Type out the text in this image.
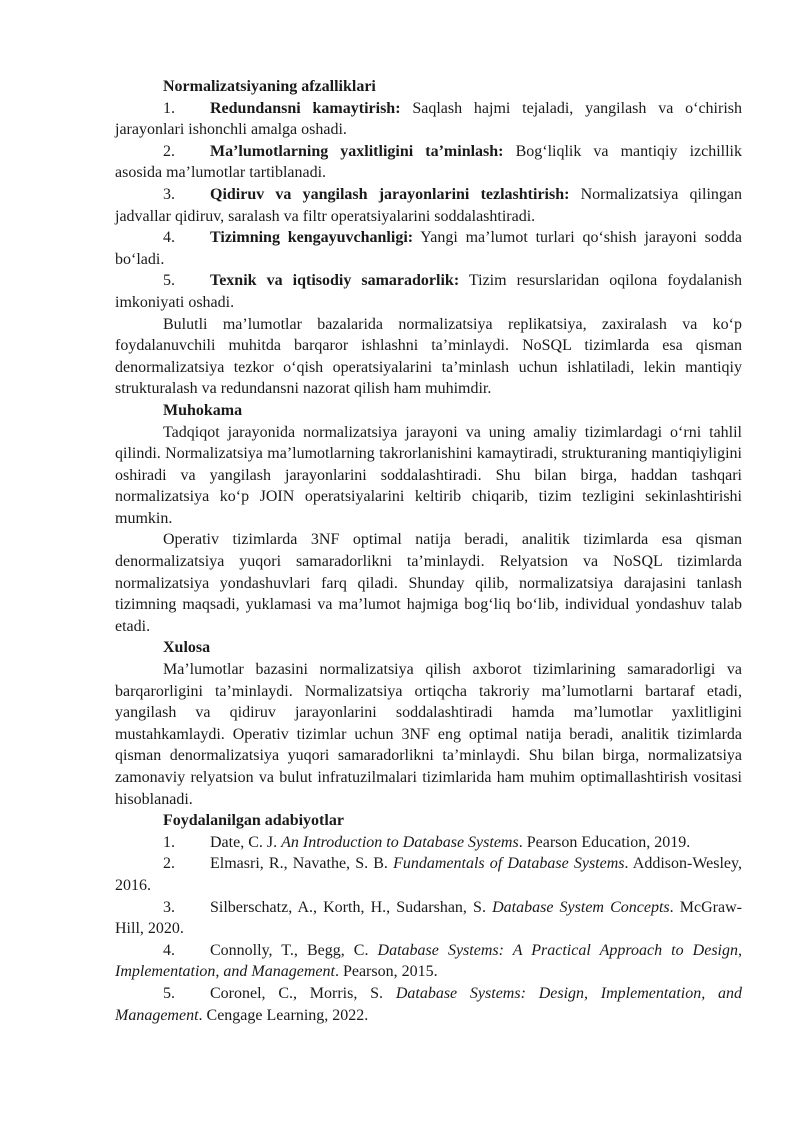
Normalizatsiyaning afzalliklari

1. Redundansni kamaytirish: Saqlash hajmi tejaladi, yangilash va o‘chirish jarayonlari ishonchli amalga oshadi.

2. Ma’lumotlarning yaxlitligini ta’minlash: Bog‘liqlik va mantiqiy izchillik asosida ma’lumotlar tartiblanadi.

3. Qidiruv va yangilash jarayonlarini tezlashtirish: Normalizatsiya qilingan jadvallar qidiruv, saralash va filtr operatsiyalarini soddalashtiradi.

4. Tizimning kengayuvchanligi: Yangi ma’lumot turlari qo‘shish jarayoni sodda bo‘ladi.

5. Texnik va iqtisodiy samaradorlik: Tizim resurslaridan oqilona foydalanish imkoniyati oshadi.

Bulutli ma’lumotlar bazalarida normalizatsiya replikatsiya, zaxiralash va ko‘p foydalanuvchili muhitda barqaror ishlashni ta’minlaydi. NoSQL tizimlarda esa qisman denormalizatsiya tezkor o‘qish operatsiyalarini ta’minlash uchun ishlatiladi, lekin mantiqiy strukturalash va redundansni nazorat qilish ham muhimdir.

Muhokama

Tadqiqot jarayonida normalizatsiya jarayoni va uning amaliy tizimlardagi o‘rni tahlil qilindi. Normalizatsiya ma’lumotlarning takrorlanishini kamaytiradi, strukturaning mantiqiyligini oshiradi va yangilash jarayonlarini soddalashtiradi. Shu bilan birga, haddan tashqari normalizatsiya ko‘p JOIN operatsiyalarini keltirib chiqarib, tizim tezligini sekinlashtirishi mumkin.

Operativ tizimlarda 3NF optimal natija beradi, analitik tizimlarda esa qisman denormalizatsiya yuqori samaradorlikni ta’minlaydi. Relyatsion va NoSQL tizimlarda normalizatsiya yondashuvlari farq qiladi. Shunday qilib, normalizatsiya darajasini tanlash tizimning maqsadi, yuklamasi va ma’lumot hajmiga bog‘liq bo‘lib, individual yondashuv talab etadi.

Xulosa

Ma’lumotlar bazasini normalizatsiya qilish axborot tizimlarining samaradorligi va barqarorligini ta’minlaydi. Normalizatsiya ortiqcha takroriy ma’lumotlarni bartaraf etadi, yangilash va qidiruv jarayonlarini soddalashtiradi hamda ma’lumotlar yaxlitligini mustahkamlaydi. Operativ tizimlar uchun 3NF eng optimal natija beradi, analitik tizimlarda qisman denormalizatsiya yuqori samaradorlikni ta’minlaydi. Shu bilan birga, normalizatsiya zamonaviy relyatsion va bulut infratuzilmalari tizimlarida ham muhim optimallashtirish vositasi hisoblanadi.

Foydalanilgan adabiyotlar

1. Date, C. J. An Introduction to Database Systems. Pearson Education, 2019.

2. Elmasri, R., Navathe, S. B. Fundamentals of Database Systems. Addison-Wesley, 2016.

3. Silberschatz, A., Korth, H., Sudarshan, S. Database System Concepts. McGraw-Hill, 2020.

4. Connolly, T., Begg, C. Database Systems: A Practical Approach to Design, Implementation, and Management. Pearson, 2015.

5. Coronel, C., Morris, S. Database Systems: Design, Implementation, and Management. Cengage Learning, 2022.
